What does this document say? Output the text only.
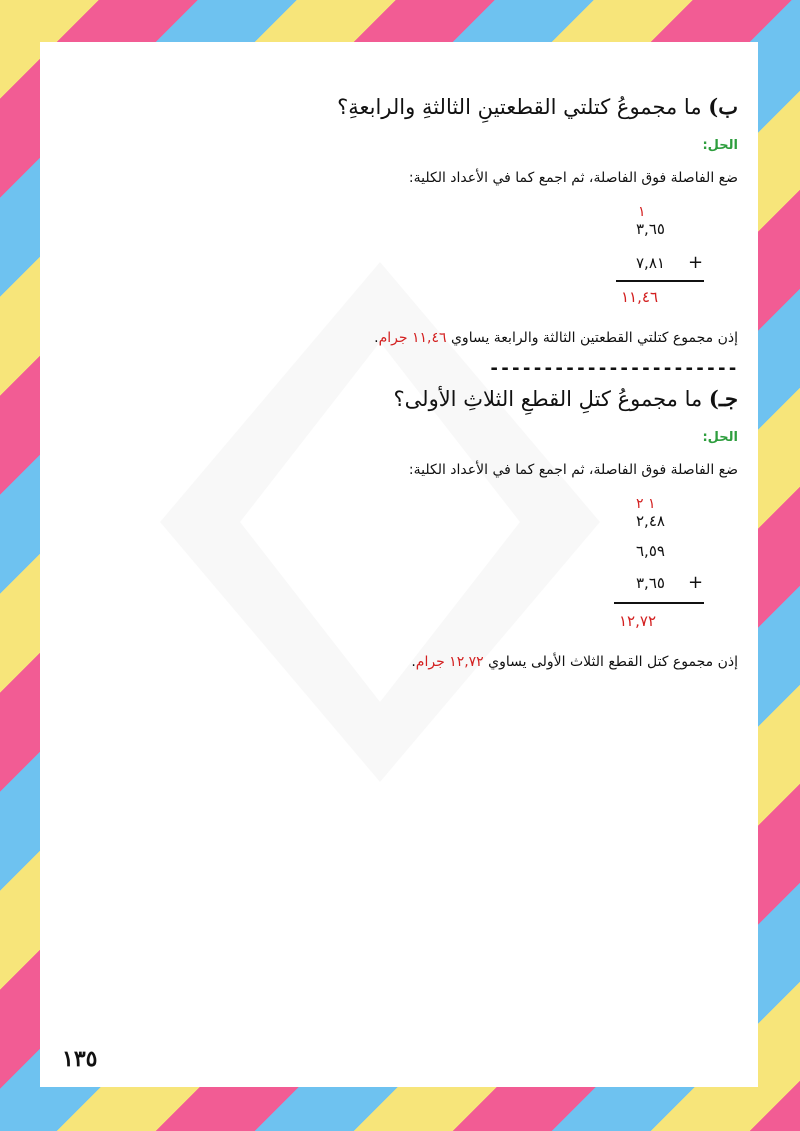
ب) ما مجموعُ كتلتي القطعتينِ الثالثةِ والرابعةِ؟
الحل:
ضع الفاصلة فوق الفاصلة، ثم اجمع كما في الأعداد الكلية:
١
٣,٦٥
٧,٨١ +
١١,٤٦
إذن مجموع كتلتي القطعتين الثالثة والرابعة يساوي ١١,٤٦ جرام.
-----------------------
جـ) ما مجموعُ كتلِ القطعِ الثلاثِ الأولى؟
الحل:
ضع الفاصلة فوق الفاصلة، ثم اجمع كما في الأعداد الكلية:
١ ٢
٢,٤٨
٦,٥٩
٣,٦٥ +
١٢,٧٢
إذن مجموع كتل القطع الثلاث الأولى يساوي ١٢,٧٢ جرام.
١٣٥
